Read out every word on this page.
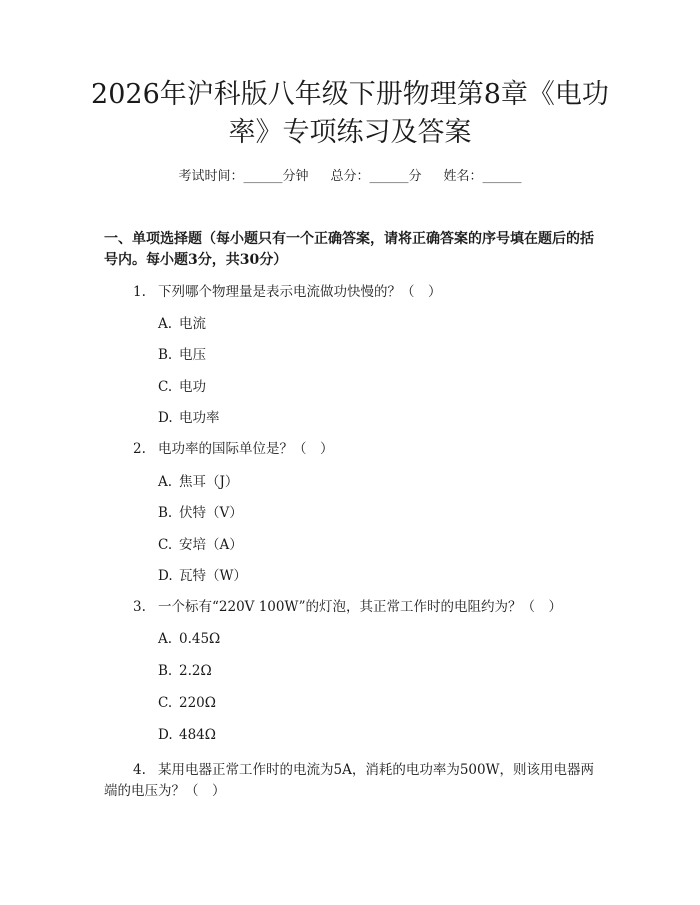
2026年沪科版八年级下册物理第8章《电功率》专项练习及答案
考试时间：______分钟 总分：______分 姓名：______
一、单项选择题（每小题只有一个正确答案，请将正确答案的序号填在题后的括号内。每小题3分，共30分）
1. 下列哪个物理量是表示电流做功快慢的？（　）
A. 电流
B. 电压
C. 电功
D. 电功率
2. 电功率的国际单位是？（　）
A. 焦耳（J）
B. 伏特（V）
C. 安培（A）
D. 瓦特（W）
3. 一个标有“220V 100W”的灯泡，其正常工作时的电阻约为？（　）
A. 0.45Ω
B. 2.2Ω
C. 220Ω
D. 484Ω
4. 某用电器正常工作时的电流为5A，消耗的电功率为500W，则该用电器两端的电压为？（　）
